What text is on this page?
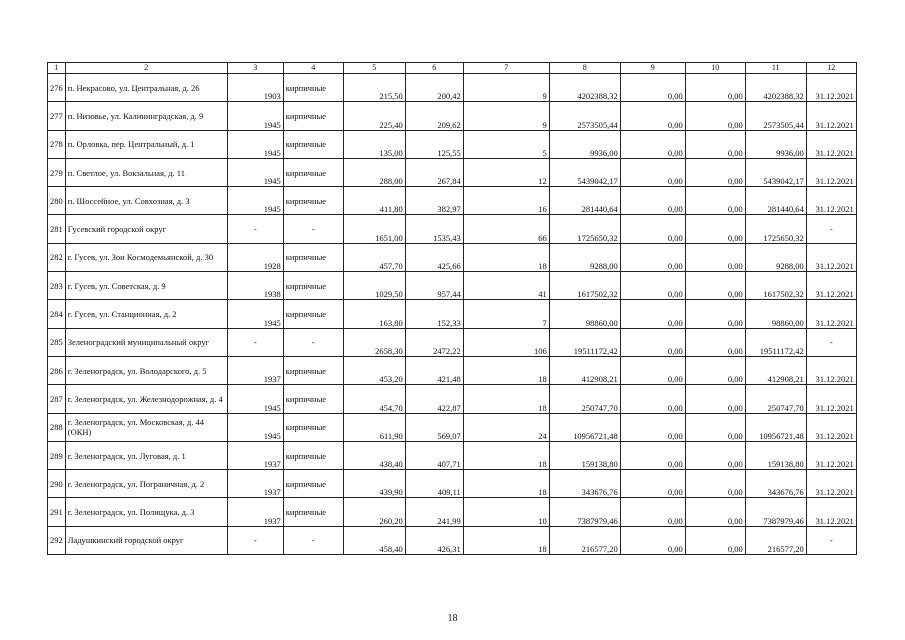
1	2	3	4	5	6	7	8	9	10	11	12
276	п. Некрасово, ул. Центральная, д. 26	1903	кирпичные	215,50	200,42	9	4202388,32	0,00	0,00	4202388,32	31.12.2021
277	п. Низовье, ул. Калининградская, д. 9	1945	кирпичные	225,40	209,62	9	2573505,44	0,00	0,00	2573505,44	31.12.2021
278	п. Орловка, пер. Центральный, д. 1	1945	кирпичные	135,00	125,55	5	9936,00	0,00	0,00	9936,00	31.12.2021
279	п. Светлое, ул. Вокзальная, д. 11	1945	кирпичные	288,00	267,84	12	5439042,17	0,00	0,00	5439042,17	31.12.2021
280	п. Шоссейное, ул. Совхозная, д. 3	1945	кирпичные	411,80	382,97	16	281440,64	0,00	0,00	281440,64	31.12.2021
281	Гусевский городской округ	-	-	1651,00	1535,43	66	1725650,32	0,00	0,00	1725650,32	-
282	г. Гусев, ул. Зои Космодемьянской, д. 30	1928	кирпичные	457,70	425,66	18	9288,00	0,00	0,00	9288,00	31.12.2021
283	г. Гусев, ул. Советская, д. 9	1938	кирпичные	1029,50	957,44	41	1617502,32	0,00	0,00	1617502,32	31.12.2021
284	г. Гусев, ул. Станционная, д. 2	1945	кирпичные	163,80	152,33	7	98860,00	0,00	0,00	98860,00	31.12.2021
285	Зеленоградский муниципальный округ	-	-	2658,30	2472,22	106	19511172,42	0,00	0,00	19511172,42	-
286	г. Зеленоградск, ул. Володарского, д. 5	1937	кирпичные	453,20	421,48	18	412908,21	0,00	0,00	412908,21	31.12.2021
287	г. Зеленоградск, ул. Железнодорожная, д. 4	1945	кирпичные	454,70	422,87	18	250747,70	0,00	0,00	250747,70	31.12.2021
288	г. Зеленоградск, ул. Московская, д. 44 (ОКН)	1945	кирпичные	611,90	569,07	24	10956721,48	0,00	0,00	10956721,48	31.12.2021
289	г. Зеленоградск, ул. Луговая, д. 1	1937	кирпичные	438,40	407,71	18	159138,80	0,00	0,00	159138,80	31.12.2021
290	г. Зеленоградск, ул. Пограничная, д. 2	1937	кирпичные	439,90	409,11	18	343676,76	0,00	0,00	343676,76	31.12.2021
291	г. Зеленоградск, ул. Полищука, д. 3	1937	кирпичные	260,20	241,99	10	7387979,46	0,00	0,00	7387979,46	31.12.2021
292	Ладушкинский городской округ	-	-	458,40	426,31	18	216577,20	0,00	0,00	216577,20	-
18
